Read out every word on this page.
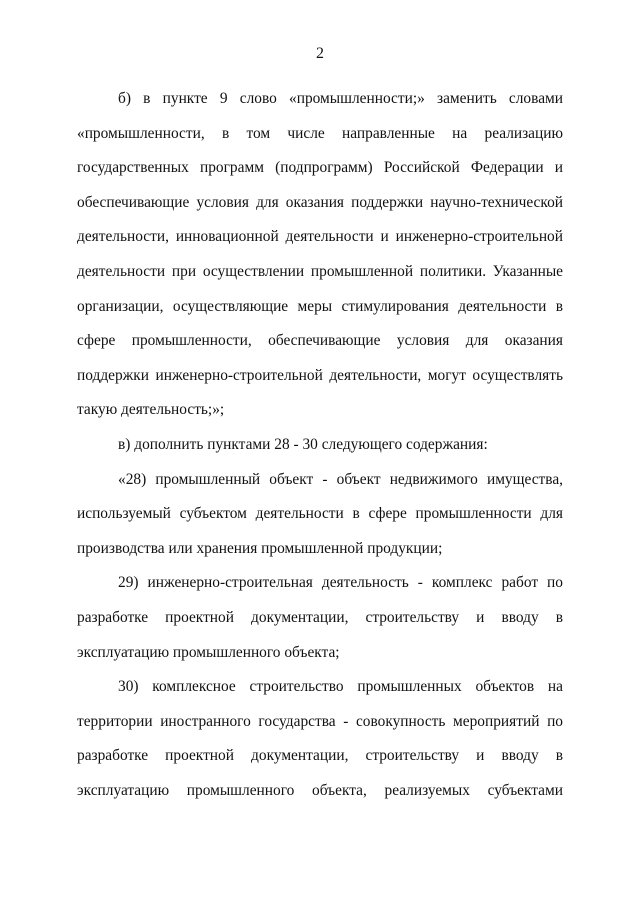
2

б) в пункте 9 слово «промышленности;» заменить словами «промышленности, в том числе направленные на реализацию государственных программ (подпрограмм) Российской Федерации и обеспечивающие условия для оказания поддержки научно-технической деятельности, инновационной деятельности и инженерно-строительной деятельности при осуществлении промышленной политики. Указанные организации, осуществляющие меры стимулирования деятельности в сфере промышленности, обеспечивающие условия для оказания поддержки инженерно-строительной деятельности, могут осуществлять такую деятельность;»;

в) дополнить пунктами 28 - 30 следующего содержания:

«28) промышленный объект - объект недвижимого имущества, используемый субъектом деятельности в сфере промышленности для производства или хранения промышленной продукции;

29) инженерно-строительная деятельность - комплекс работ по разработке проектной документации, строительству и вводу в эксплуатацию промышленного объекта;

30) комплексное строительство промышленных объектов на территории иностранного государства - совокупность мероприятий по разработке проектной документации, строительству и вводу в эксплуатацию промышленного объекта, реализуемых субъектами
